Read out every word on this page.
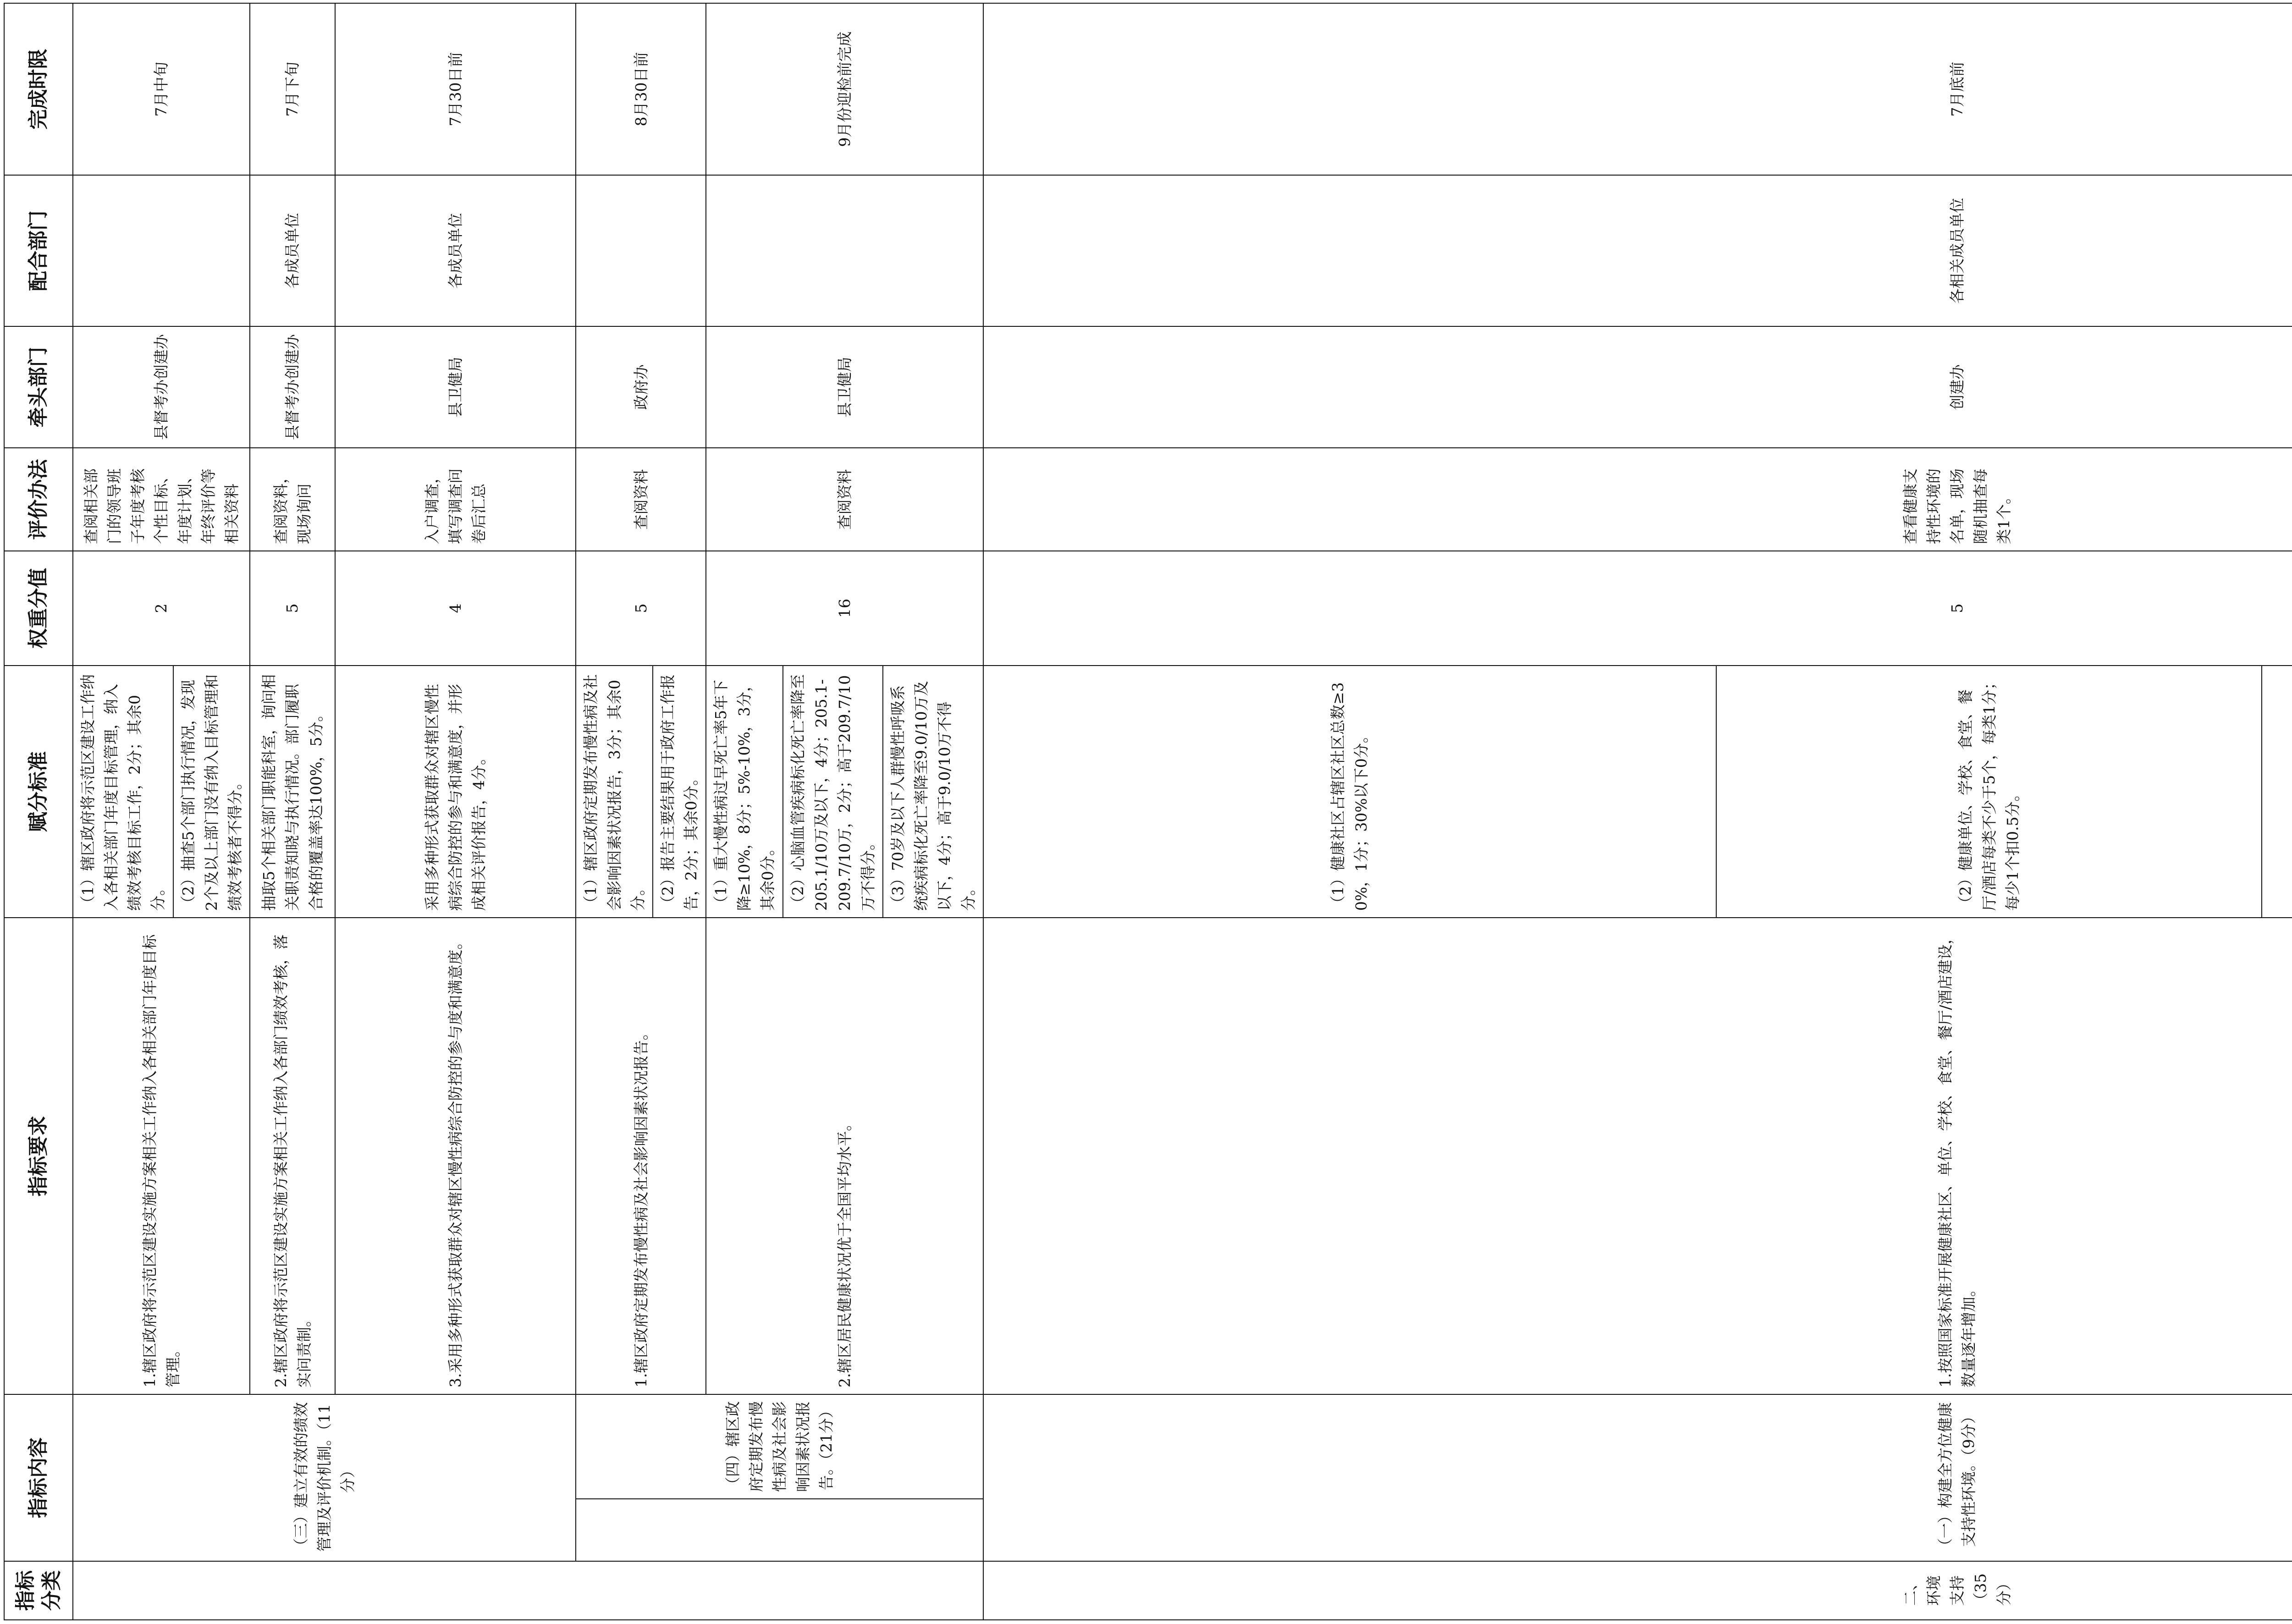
指标分类	指标内容		指标要求	赋分标准	权重分值	评价办法	牵头部门	配合部门	完成时限	
	（三）建立有效的绩效管理及评价机制。（11分）		1.辖区政府将示范区建设实施方案相关工作纳入各相关部门年度目标管理。	（1）辖区政府将示范区建设工作纳入各相关部门年度目标管理，纳入绩效考核目标工作，2分；其余0分。	2	查阅相关部门的领导班子年度考核个性目标、年度计划、年终评价等相关资料	县督考办创建办		7月中旬	
				（2）抽查5个部门执行情况，发现2个及以上部门没有纳入目标管理和绩效考核者不得分。						
			2.辖区政府将示范区建设实施方案相关工作纳入各部门绩效考核，落实问责制。	抽取5个相关部门职能科室，询问相关职责知晓与执行情况。部门履职合格的覆盖率达100%，5分。	5	查阅资料，现场询问	县督考办创建办	各成员单位	7月下旬	
			3.采用多种形式获取群众对辖区慢性病综合防控的参与度和满意度。	采用多种形式获取群众对辖区慢性病综合防控的参与和满意度，并形成相关评价报告，4分。	4	入户调查，填写调查问卷后汇总	县卫健局	各成员单位	7月30日前	
		（四）辖区政府定期发布慢性病及社会影响因素状况报告。（21分）	1.辖区政府定期发布慢性病及社会影响因素状况报告。	（1）辖区政府定期发布慢性病及社会影响因素状况报告，3分；其余0分。 （2）报告主要结果用于政府工作报告，2分；其余0分。	5	查阅资料	政府办		8月30日前	
			2.辖区居民健康状况优于全国平均水平。	（1）重大慢性病过早死亡率5年下降≥10%，8分；5%-10%，3分，其余0分。 （2）心脑血管疾病标化死亡率降至205.1/10万及以下，4分；205.1-209.7/10万，2分；高于209.7/10万不得分。 （3）70岁及以下人群慢性呼吸系统疾病标化死亡率降至9.0/10万及以下，4分；高于9.0/10万不得分。	16	查阅资料	县卫健局		9月份迎检前完成	

二、环境支持（35分）	（一）构建全方位健康支持性环境。（9分）		1.按照国家标准开展健康社区、单位、学校、食堂、餐厅/酒店建设，数量逐年增加。	（1）健康社区占辖区社区总数≥30%，1分；30%以下0分。	5	查看健康支持性环境的名单，现场随机抽查每类1个。	创建办	各相关成员单位	7月底前	
				（2）健康单位、学校、食堂、餐厅/酒店每类不少于5个，每类1分；每少1个扣0.5分。	
